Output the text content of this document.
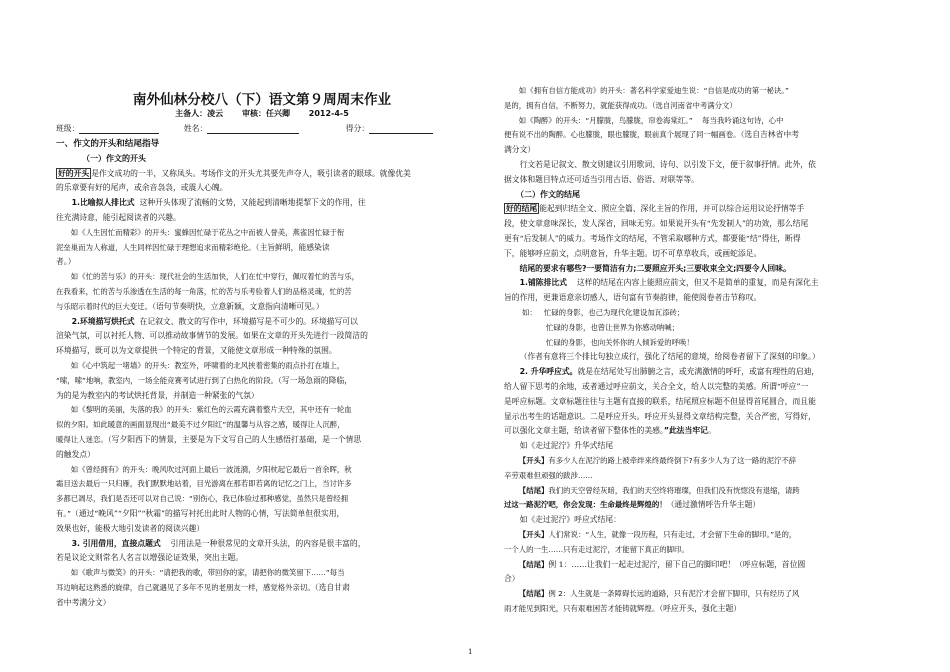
南外仙林分校八（下）语文第９周周末作业
主备人：凌云 审核：任兴卿 2012-4-5
班级：	姓名：	得分：

一、作文的开头和结尾指导

（一）作文的开头

好的开头 是作文成功的一半，又称凤头。考场作文的开头尤其要先声夺人，吸引读者的眼球。就像优美

的乐章要有好的尾声，或余音袅袅，或震人心魄。

1.比喻拟人排比式 这种开头体现了流畅的文势，又能起到清晰地提挈下文的作用，往

往充满诗意，能引起阅读者的兴趣。

如《人生因忙而精彩》的开头：蜜蜂因忙碌于花丛之中而被人誉美，燕雀因忙碌于衔

泥垒巢而为人称道，人生同样因忙碌于理想追求而精彩绝伦。（主旨鲜明，能感染读

者。）

如《忙的苦与乐》的开头：现代社会的生活加快，人们在忙中穿行，佩叹着忙的苦与乐，

在我看来，忙的苦与乐渗透在生活的每一角落，忙的苦与乐考验着人们的品格灵魂，忙的苦

与乐昭示着时代的巨大变迁。（语句节奏明快，立意新颖，文意指向清晰可见。）

2.环境描写烘托式 在记叙文、散文的写作中，环境描写是不可少的。环境描写可以

渲染气氛，可以衬托人物、可以推动故事情节的发展。如果在文章的开头先进行一段简洁的

环境描写，既可以为文章提供一个特定的背景，又能使文章形成一种特殊的氛围。

如《心中筑起一堵墙》的开头：教室外，呼啸着的北风挟着密集的雨点扑打在墙上，

“嗦，嗦”地响，教室内，一场全能竞赛考试进行到了白热化的阶段。（写一场急雨的降临，

为的是为教室内的考试烘托背景，并制造一种紧张的气氛）

如《黎明的美丽，失落的我》的开头：紫红色的云霞充满着整片天空，其中还有一轮血

似的夕阳。如此暖意的画面显现出“最美不过夕阳红”的温馨与从容之感，暖得让人沉醉，

暖得让人迷恋。（写夕阳西下的情景，主要是为下文写自己的人生感悟打基础，是一个情思

的触发点）

如《曾经拥有》的开头：晚风吹过河面上最后一波涟漪，夕阳枕起它最后一首余晖，秋

霜目送去最后一只归雁，我们默默地站着，目光游离在那若即若离的记忆之门上，当讨许多

多都已凋尽，我们是否还可以对自己说：“别伤心，我已体验过那种感觉，虽然只是曾经拥

有。”（通过“晚风”“夕阳”“秋霜”的描写衬托出此时人物的心情，写法简单但很实用，

效果也好，能极大地引发读者的阅读兴趣）

3. 引用借用，直接点题式 引用法是一种很常见的文章开头法，的内容是很丰富的，

若是议论文则常名人名言以增强论证效果，突出主题。

如《歌声与微笑》的开头：“请把我的歌，带回你的家，请把你的微笑留下……”每当

耳边响起这熟悉的旋律，自己就遇见了多年不见的老朋友一样，感觉格外亲切。（选自甘肃

省中考满分文）

如《拥有自信方能成功》的开头：著名科学家爱迪生说：“自信是成功的第一秘诀。”

是的，拥有自信，不断努力，就能获得成功。（选自河南省中考满分文）

如《陶醉》的开头：“月朦胧，鸟朦胧，帘卷海棠红。” 每当我吟诵这句诗，心中

便有说不出的陶醉。心也朦胧，眼也朦胧，眼前真个展现了同一幅画卷。（选自吉林省中考

满分文）

行文若是记叙文、散文则建议引用歌词、诗句、以引发下文，便于叙事抒情。此外，依

据文体和题目特点还可适当引用古语、俗语、对联等等。

（二）作文的结尾

好的结尾 能起到归结全文、照应全篇、深化主旨的作用，并可以综合运用议论抒情等手

段，使文章意味深长，发人深省，回味无穷。如果说开头有“先发制人”的功效，那么结尾

更有“后发制人”的威力。考场作文的结尾，不管采取哪种方式，都要能“结”得住，断得

下，能够呼应前文，点明意旨，升华主题。切不可草草收兵，或画蛇添足。

结尾的要求有哪些?一要简洁有力;二要照应开头;三要收束全文;四要令人回味。

1.铺陈排比式 这样的结尾在内容上能照应前文，但又不是简单的重复，而是有深化主

旨的作用，更兼语意亲切感人，语句富有节奏韵律，能使阅卷者击节称叹。

如： 忙碌的身影，也己为现代化建设加瓦添砖；

忙碌的身影，也曾让世界为你感动呐喊；

忙碌的身影，也向关怀你的人倾诉爱的呼唤！

（作者有意将三个排比句独立成行，强化了结尾的意境，给阅卷者留下了深刻的印象。）

2. 升华呼应式。就是在结尾处写出肺腑之言，或充满激情的呼吁，或富有理性的启迪，

给人留下思考的余地，或者通过呼应前文，关合全文，给人以完整的美感。所谓“呼应”一

是呼应标题。文章标题往往与主题有直接的联系，结尾照应标题不但显得首尾圆合，而且能

显示出考生的话题意识。二是呼应开头。呼应开头显得文章结构完整，关合严密，写得好，

可以强化文章主题，给读者留下整体性的美感。”此法当牢记。

如《走过泥泞》升华式结尾

【开头】有多少人在泥泞的路上被牵绊来终最终倒下?有多少人为了这一路的泥泞不辞

辛劳艰难但顽强的跋涉……

【结尾】我们的天空曾经灰暗，我们的天空终将璀璨，但我们没有恍惚没有退缩，请跨

过这一路泥泞吧，你会发现：生命最终是辉煌的！（通过激情呼告升华主题）

如《走过泥泞》呼应式结尾：

【开头】人们常说：“人生，就像一段历程，只有走过，才会留下生命的脚印。”是的，

一个人的一生……只有走过泥泞，才能留下真正的脚印。

【结尾】例 1：……让我们一起走过泥泞，留下自己的脚印吧！（呼应标题，首位圆

合）

【结尾】例 2：人生就是一条障碍长远的道路，只有泥泞才会留下脚印，只有经历了风

雨才能见到阳光，只有艰难困苦才能铸就辉煌。（呼应开头，强化主题）

1
